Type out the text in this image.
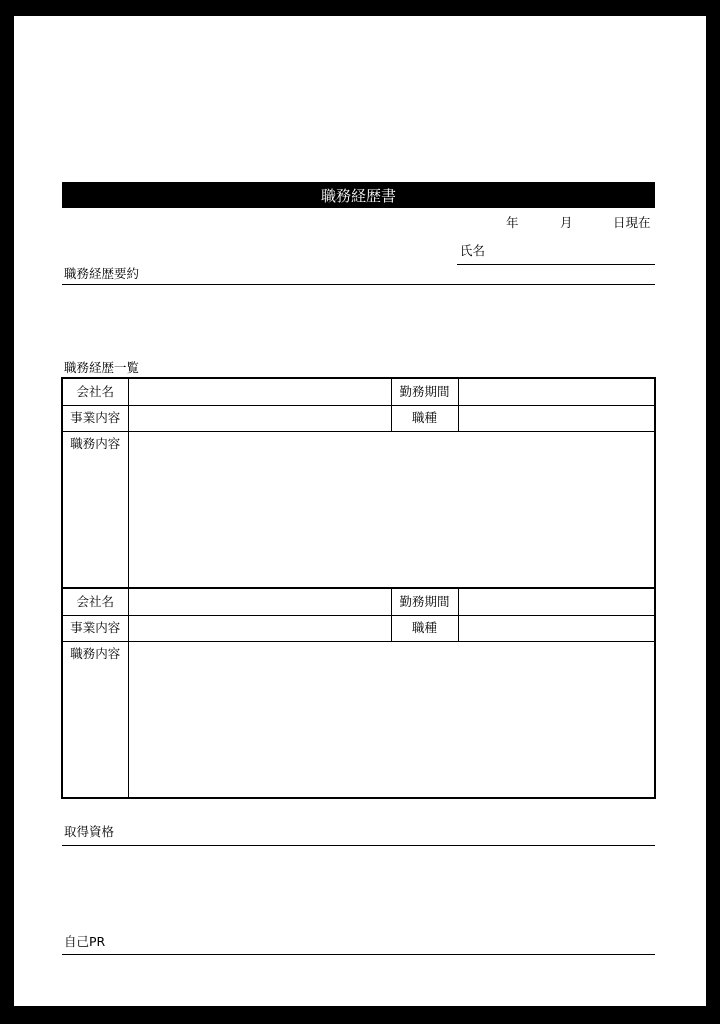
職務経歴書
年	月	日現在
氏名
職務経歴要約
職務経歴一覧
会社名		勤務期間	
事業内容		職種	
職務内容			
会社名		勤務期間	
事業内容		職種	
職務内容			
取得資格
自己PR
